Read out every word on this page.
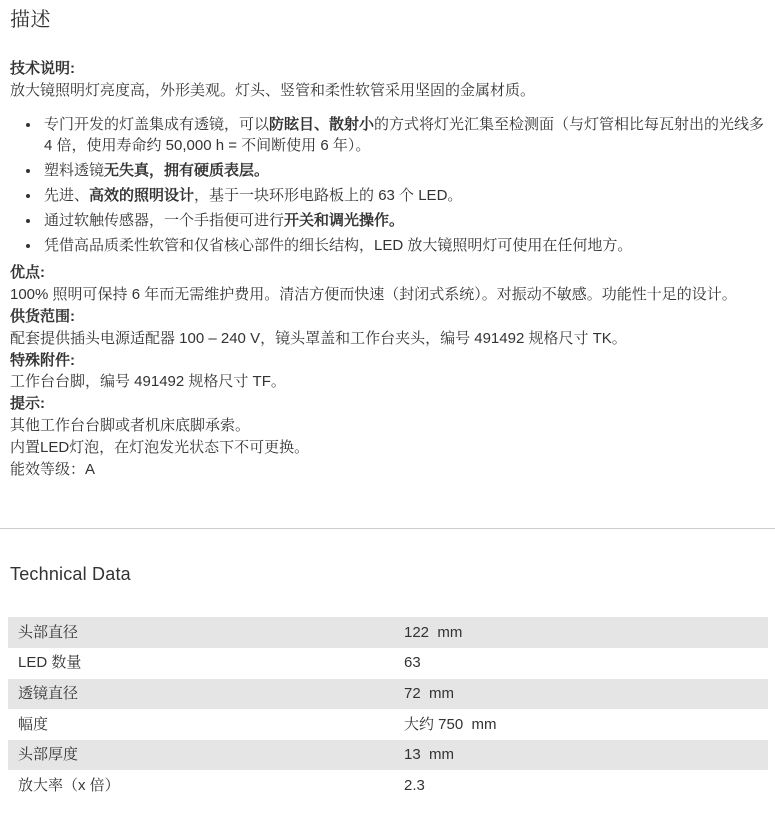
描述
技术说明:
放大镜照明灯亮度高，外形美观。灯头、竖管和柔性软管采用坚固的金属材质。
• 专门开发的灯盖集成有透镜，可以防眩目、散射小的方式将灯光汇集至检测面（与灯管相比每瓦射出的光线多 4 倍，使用寿命约 50,000 h = 不间断使用 6 年）。
• 塑料透镜无失真，拥有硬质表层。
• 先进、高效的照明设计，基于一块环形电路板上的 63 个 LED。
• 通过软触传感器，一个手指便可进行开关和调光操作。
• 凭借高品质柔性软管和仅省核心部件的细长结构，LED 放大镜照明灯可使用在任何地方。
优点:
100% 照明可保持 6 年而无需维护费用。清洁方便而快速（封闭式系统）。对振动不敏感。功能性十足的设计。
供货范围:
配套提供插头电源适配器 100 – 240 V，镜头罩盖和工作台夹头，编号 491492 规格尺寸 TK。
特殊附件:
工作台台脚，编号 491492 规格尺寸 TF。
提示:
其他工作台台脚或者机床底脚承索。
内置LED灯泡，在灯泡发光状态下不可更换。
能效等级：A
Technical Data
头部直径	122  mm
LED 数量	63
透镜直径	72  mm
幅度	大约 750  mm
头部厚度	13  mm
放大率（x 倍）	2.3
